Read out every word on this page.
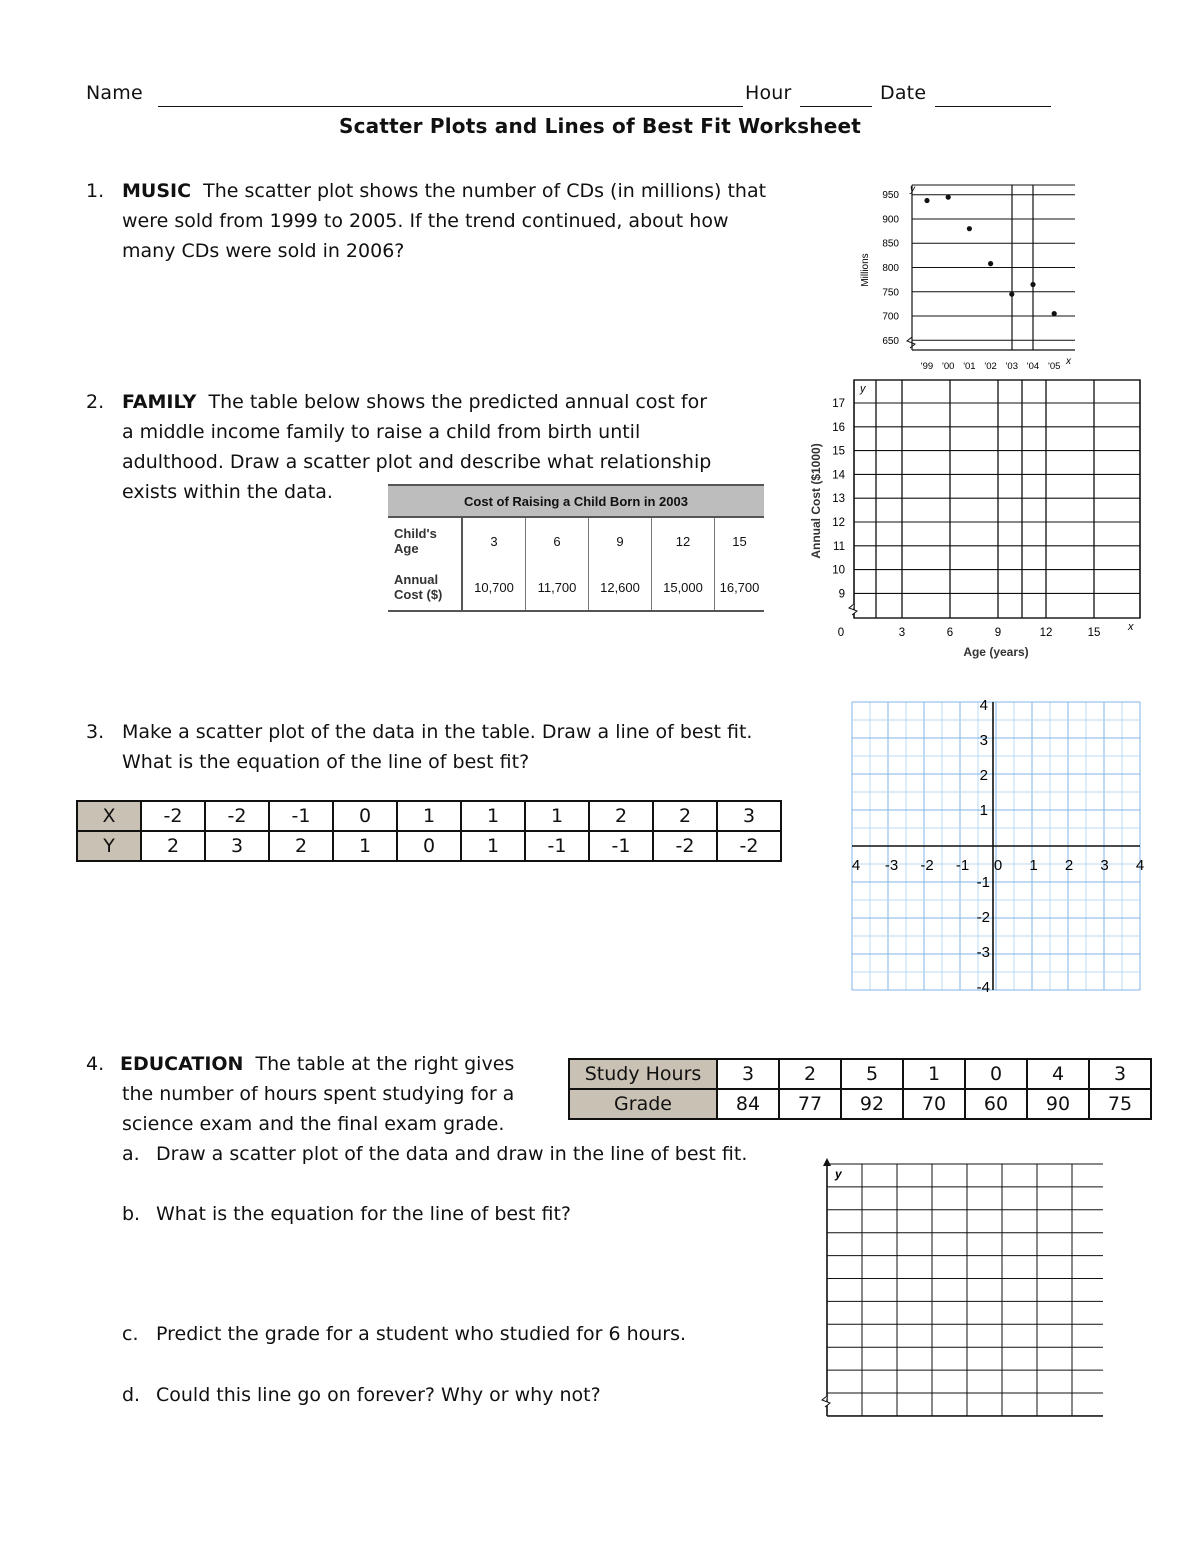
Name	Hour	Date
Scatter Plots and Lines of Best Fit Worksheet
1. MUSIC The scatter plot shows the number of CDs (in millions) that
were sold from 1999 to 2005. If the trend continued, about how
many CDs were sold in 2006?
950
900
850
800
750
700
650
'99 '00 '01 '02 '03 '04 '05
Millions
y
x
2. FAMILY The table below shows the predicted annual cost for
a middle income family to raise a child from birth until
adulthood. Draw a scatter plot and describe what relationship
exists within the data.	Cost of Raising a Child Born in 2003					
Child's
Age	3	6	9	12	15
Annual
Cost ($)	10,700	11,700	12,600	15,000	16,700
17
16
15
14
13
12
11
10
9
0	3	6	9	12	15
Annual Cost ($1000)
Age (years)
y
x
3. Make a scatter plot of the data in the table. Draw a line of best fit.
What is the equation of the line of best fit?
X	-2	-2	-1	0	1	1	1	2	2	3
Y	2	3	2	1	0	1	-1	-1	-2	-2
4 -3 -2 -1 0 1 2 3 4
4
3
2
1
-1
-2
-3
-4
4. EDUCATION The table at the right gives
the number of hours spent studying for a
science exam and the final exam grade.
Study Hours	3	2	5	1	0	4	3
Grade	84	77	92	70	60	90	75
a. Draw a scatter plot of the data and draw in the line of best fit.
b. What is the equation for the line of best fit?
c. Predict the grade for a student who studied for 6 hours.
d. Could this line go on forever? Why or why not?
y
